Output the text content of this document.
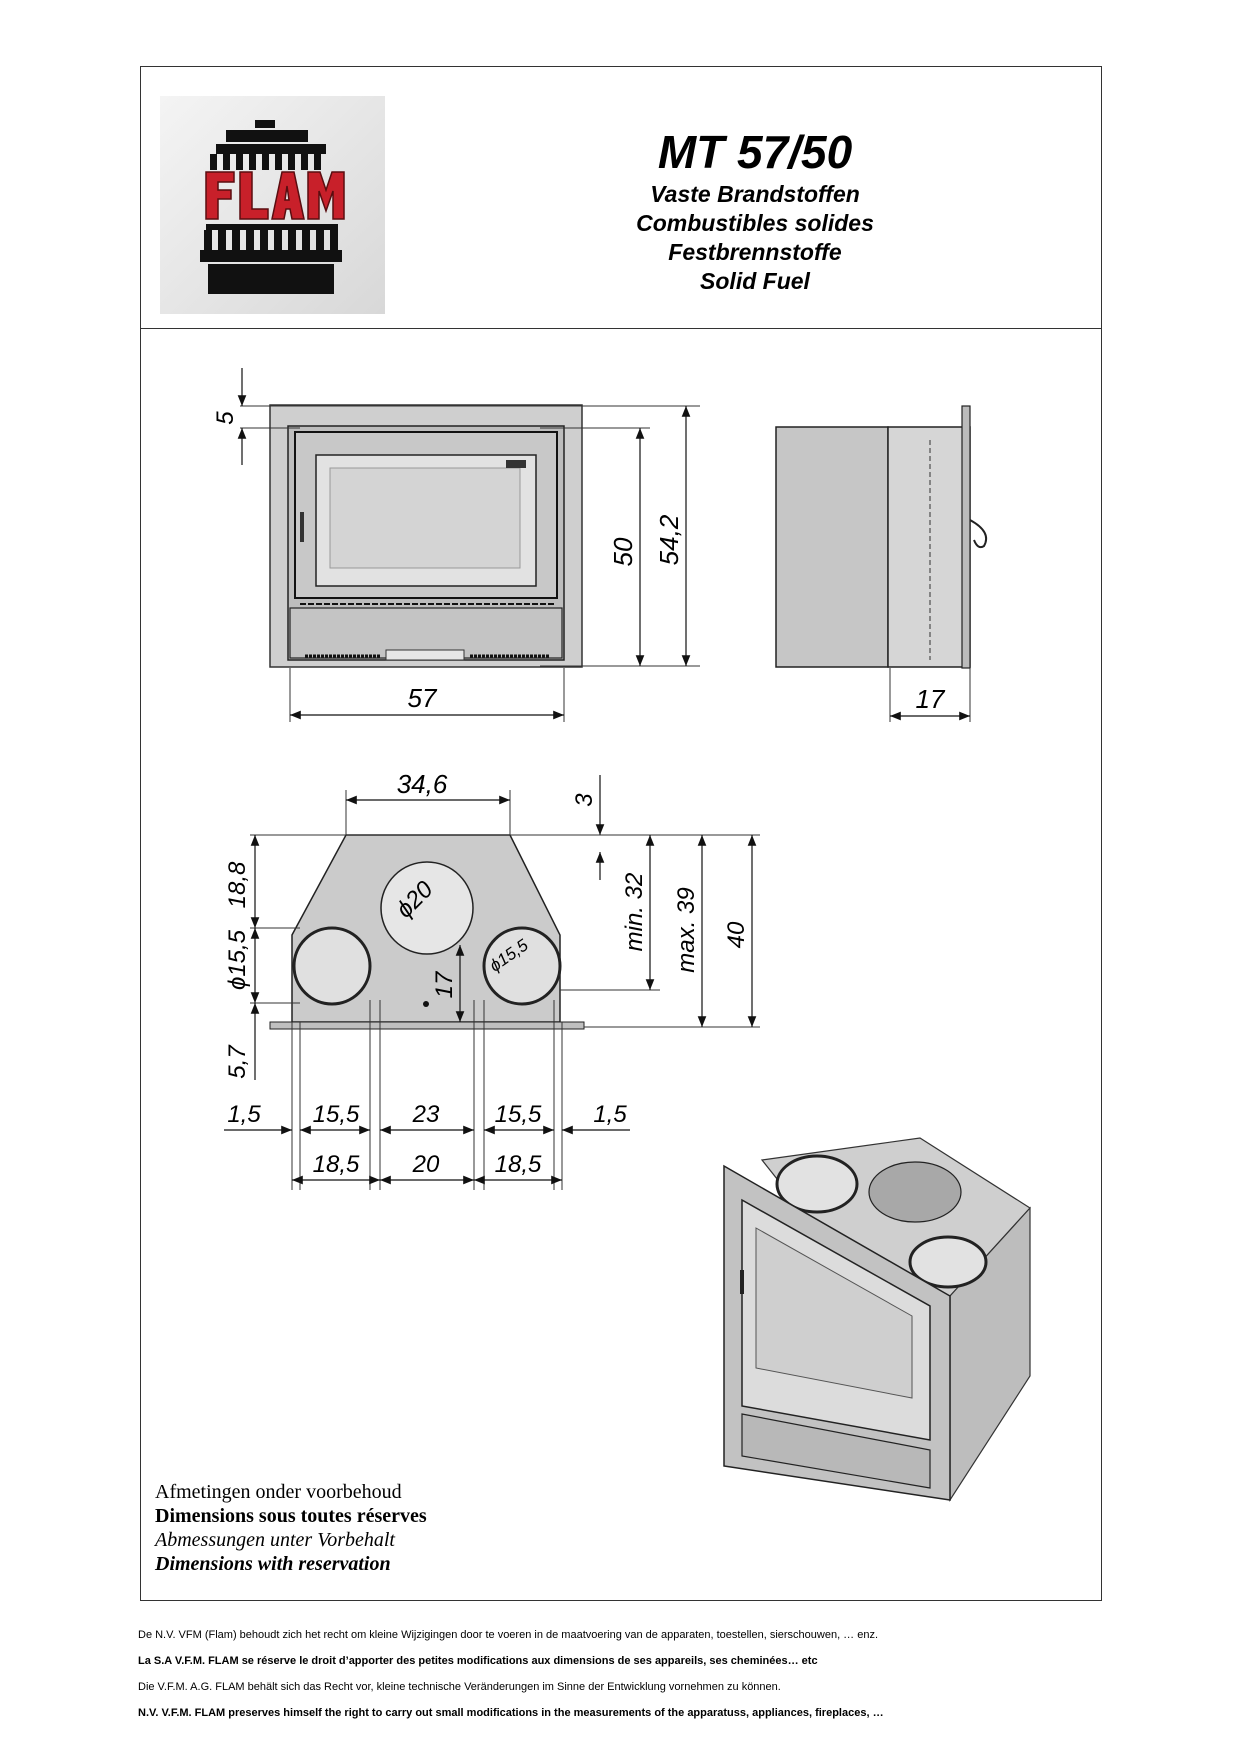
MT 57/50
Vaste Brandstoffen
Combustibles solides
Festbrennstoffe
Solid Fuel
5
50 54,2
57	17
34,6
3
min. 32 max. 39 40
17
ϕ20
ϕ15,5
18,8
ϕ15,5
5,7
1,5 15,5 23 15,5 1,5
18,5 20 18,5
Afmetingen onder voorbehoud
Dimensions sous toutes réserves
Abmessungen unter Vorbehalt
Dimensions with reservation
De N.V. VFM (Flam) behoudt zich het recht om kleine Wijzigingen door te voeren in de maatvoering van de apparaten, toestellen, sierschouwen, … enz.
La S.A V.F.M. FLAM se réserve le droit d’apporter des petites modifications aux dimensions de ses appareils, ses cheminées… etc
Die V.F.M. A.G. FLAM behält sich das Recht vor, kleine technische Veränderungen im Sinne der Entwicklung vornehmen zu können.
N.V. V.F.M. FLAM preserves himself the right to carry out small modifications in the measurements of the apparatuss, appliances, fireplaces, …
